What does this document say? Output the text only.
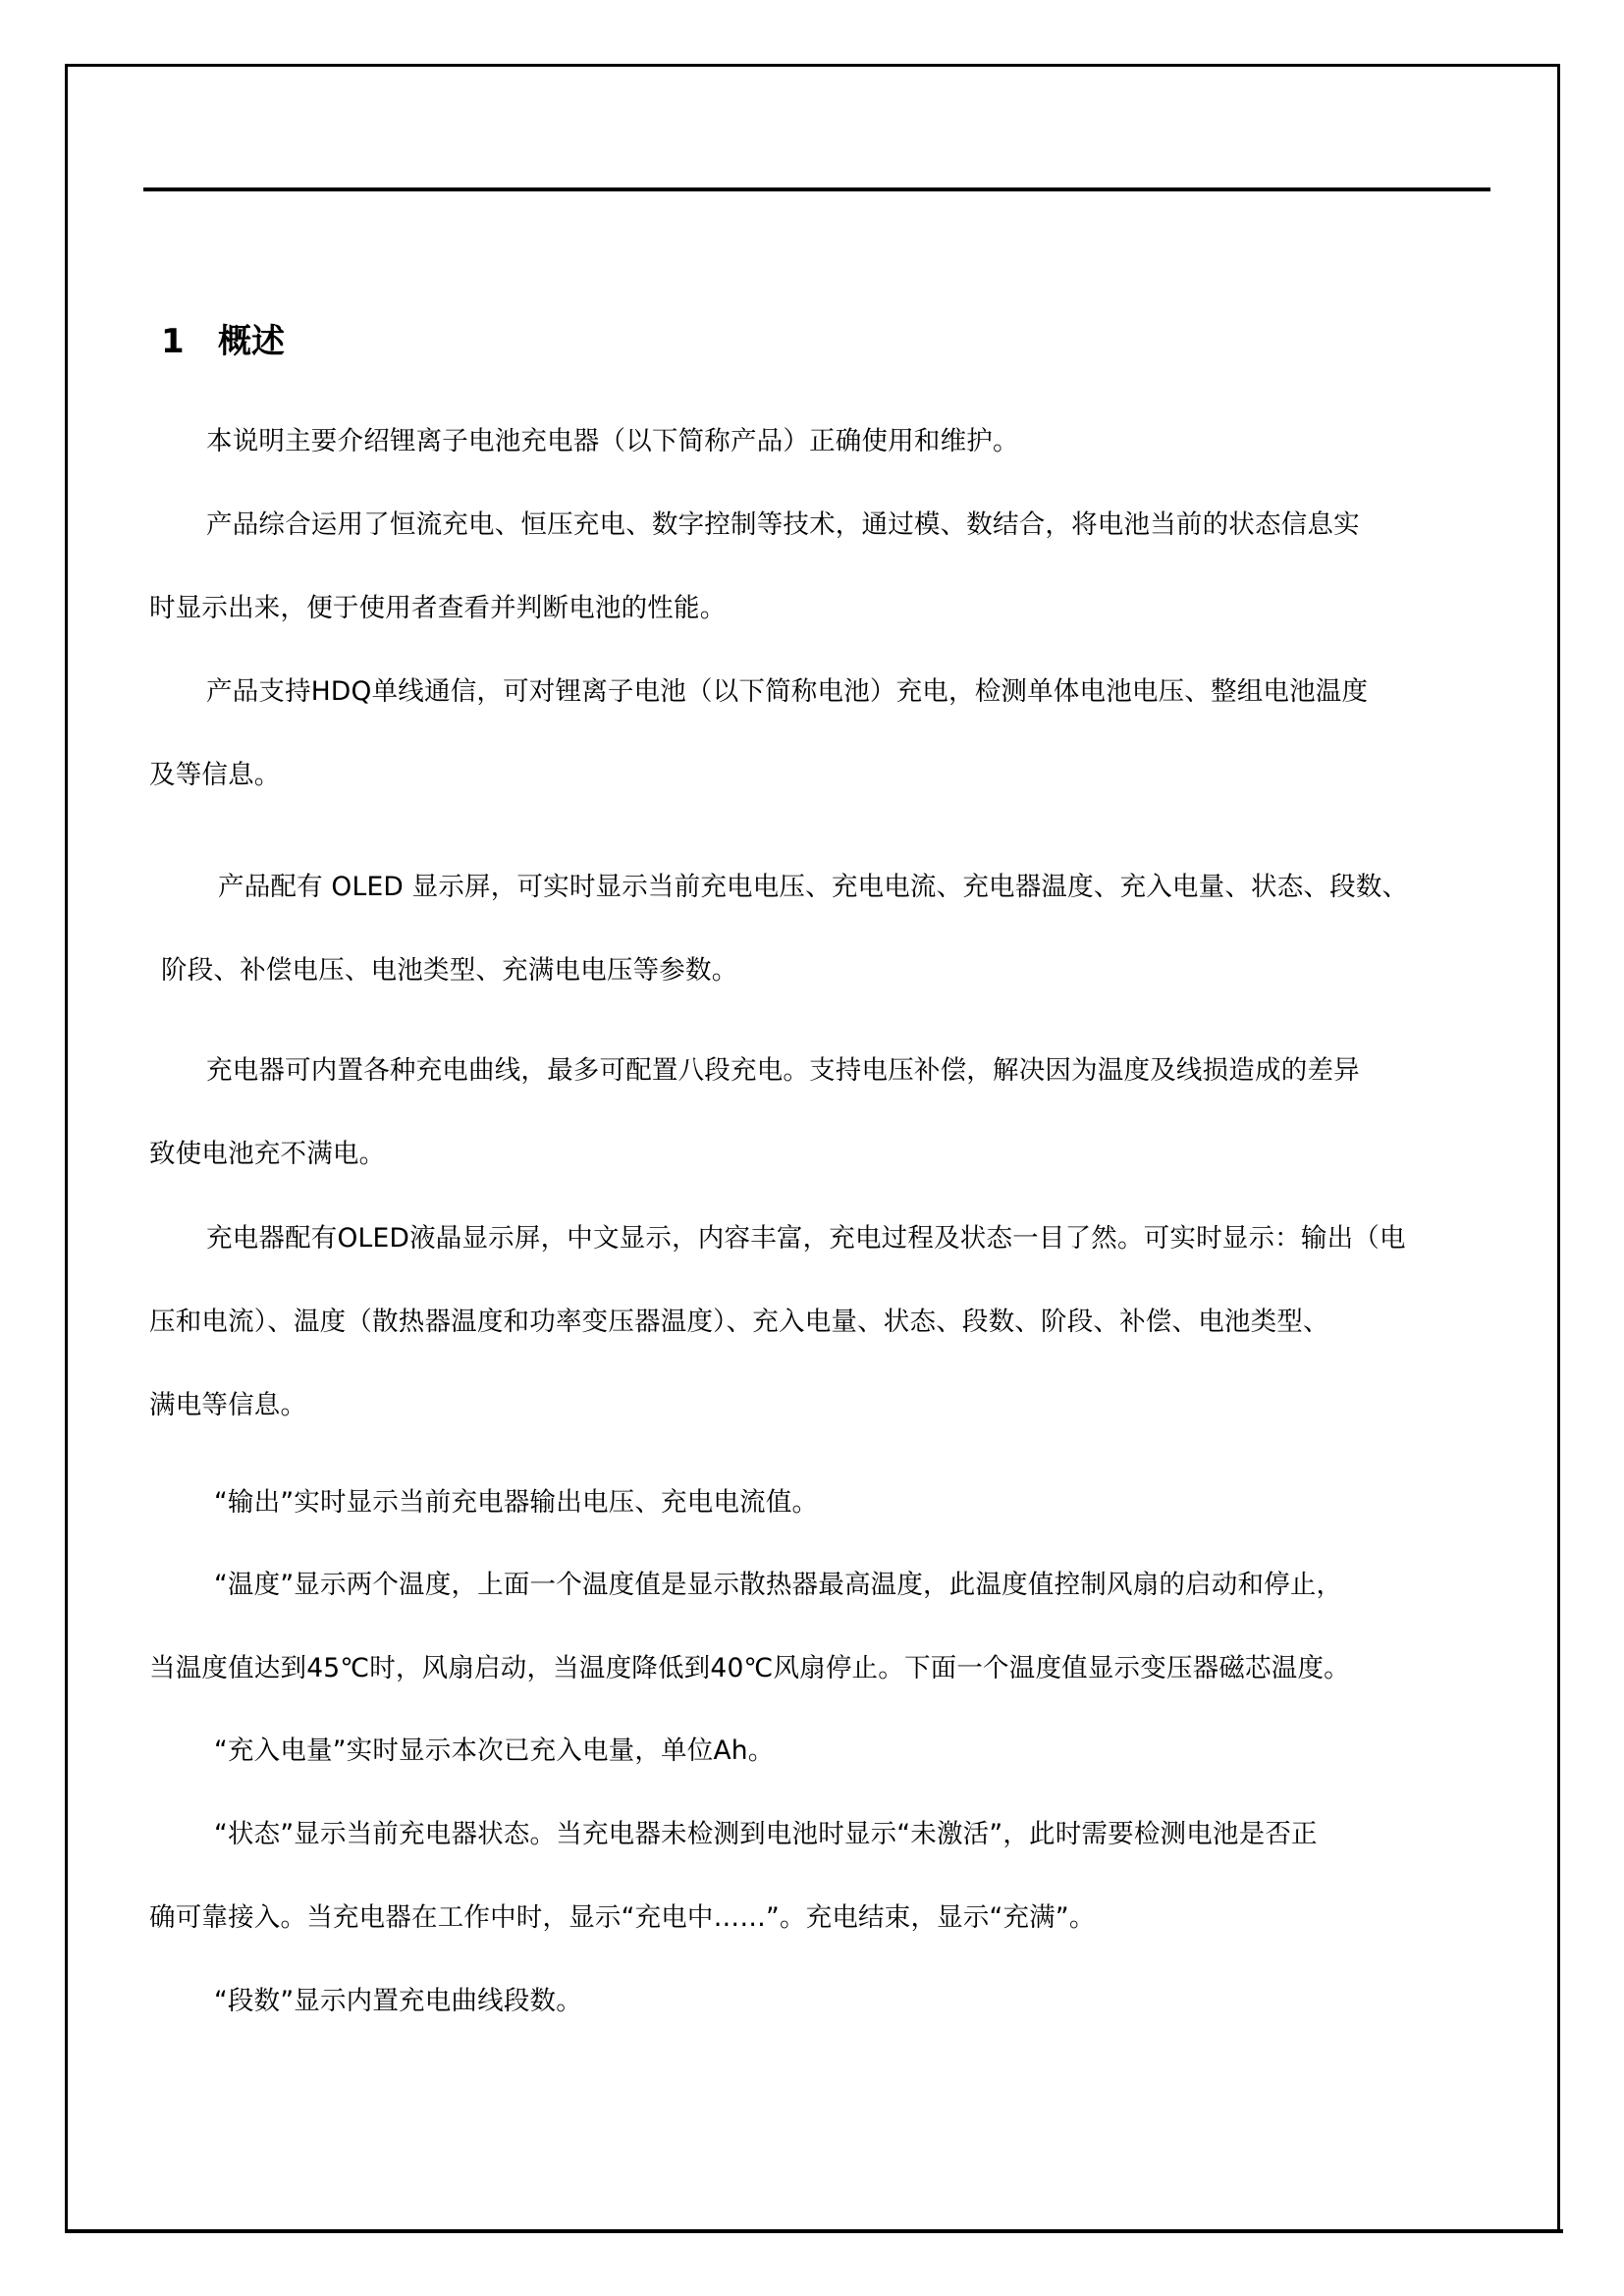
1 概述
本说明主要介绍锂离子电池充电器（以下简称产品）正确使用和维护。
产品综合运用了恒流充电、恒压充电、数字控制等技术，通过模、数结合，将电池当前的状态信息实
时显示出来，便于使用者查看并判断电池的性能。
产品支持HDQ单线通信，可对锂离子电池（以下简称电池）充电，检测单体电池电压、整组电池温度
及等信息。
产品配有 OLED 显示屏，可实时显示当前充电电压、充电电流、充电器温度、充入电量、状态、段数、
阶段、补偿电压、电池类型、充满电电压等参数。
充电器可内置各种充电曲线，最多可配置八段充电。支持电压补偿，解决因为温度及线损造成的差异
致使电池充不满电。
充电器配有OLED液晶显示屏，中文显示，内容丰富，充电过程及状态一目了然。可实时显示：输出（电
压和电流）、温度（散热器温度和功率变压器温度）、充入电量、状态、段数、阶段、补偿、电池类型、
满电等信息。
“输出”实时显示当前充电器输出电压、充电电流值。
“温度”显示两个温度，上面一个温度值是显示散热器最高温度，此温度值控制风扇的启动和停止，
当温度值达到45℃时，风扇启动，当温度降低到40℃风扇停止。下面一个温度值显示变压器磁芯温度。
“充入电量”实时显示本次已充入电量，单位Ah。
“状态”显示当前充电器状态。当充电器未检测到电池时显示“未激活”，此时需要检测电池是否正
确可靠接入。当充电器在工作中时，显示“充电中……”。充电结束，显示“充满”。
“段数”显示内置充电曲线段数。
